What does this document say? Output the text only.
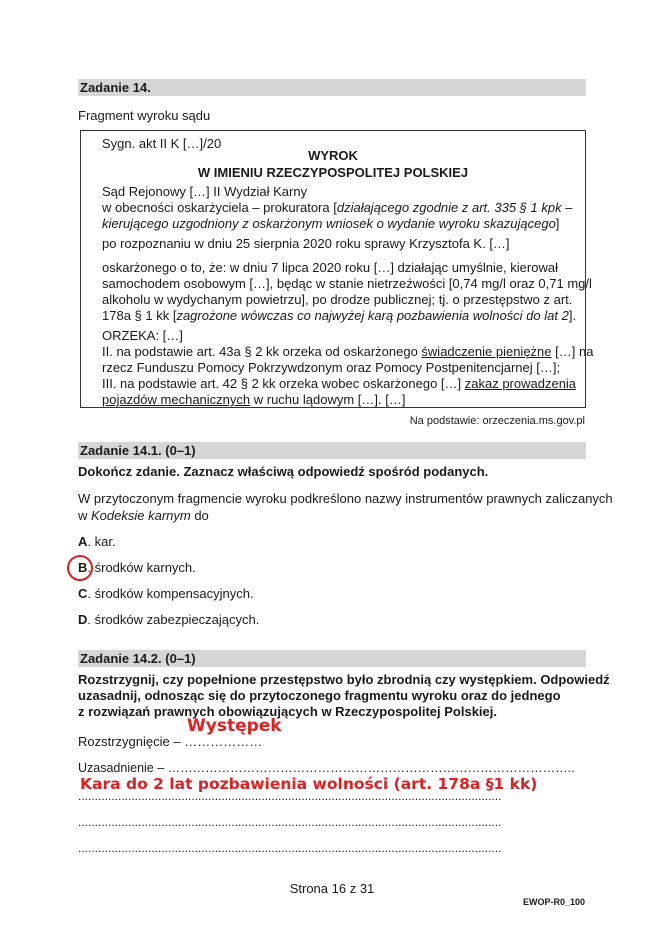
Zadanie 14.
Fragment wyroku sądu
Sygn. akt II K […]/20
WYROK
W IMIENIU RZECZYPOSPOLITEJ POLSKIEJ
Sąd Rejonowy […] II Wydział Karny
w obecności oskarżyciela – prokuratora [działającego zgodnie z art. 335 § 1 kpk –
kierującego uzgodniony z oskarżonym wniosek o wydanie wyroku skazującego]
po rozpoznaniu w dniu 25 sierpnia 2020 roku sprawy Krzysztofa K. […]
oskarżonego o to, że: w dniu 7 lipca 2020 roku […] działając umyślnie, kierował
samochodem osobowym […], będąc w stanie nietrzeźwości [0,74 mg/l oraz 0,71 mg/l
alkoholu w wydychanym powietrzu], po drodze publicznej; tj. o przestępstwo z art.
178a § 1 kk [zagrożone wówczas co najwyżej karą pozbawienia wolności do lat 2].
ORZEKA: […]
II. na podstawie art. 43a § 2 kk orzeka od oskarżonego świadczenie pieniężne […] na
rzecz Funduszu Pomocy Pokrzywdzonym oraz Pomocy Postpenitencjarnej […];
III. na podstawie art. 42 § 2 kk orzeka wobec oskarżonego […] zakaz prowadzenia
pojazdów mechanicznych w ruchu lądowym […]. […]
Na podstawie: orzeczenia.ms.gov.pl
Zadanie 14.1. (0–1)
Dokończ zdanie. Zaznacz właściwą odpowiedź spośród podanych.
W przytoczonym fragmencie wyroku podkreślono nazwy instrumentów prawnych zaliczanych
w Kodeksie karnym do
A. kar.
B. środków karnych.
C. środków kompensacyjnych.
D. środków zabezpieczających.
Zadanie 14.2. (0–1)
Rozstrzygnij, czy popełnione przestępstwo było zbrodnią czy występkiem. Odpowiedź
uzasadnij, odnosząc się do przytoczonego fragmentu wyroku oraz do jednego
z rozwiązań prawnych obowiązujących w Rzeczypospolitej Polskiej.
Występek
Rozstrzygnięcie – ………………
Uzasadnienie – ……………………………………………………………………………………..
Kara do 2 lat pozbawienia wolności (art. 178a §1 kk)
...............................................................................................................................
...............................................................................................................................
...............................................................................................................................
Strona 16 z 31
EWOP-R0_100
